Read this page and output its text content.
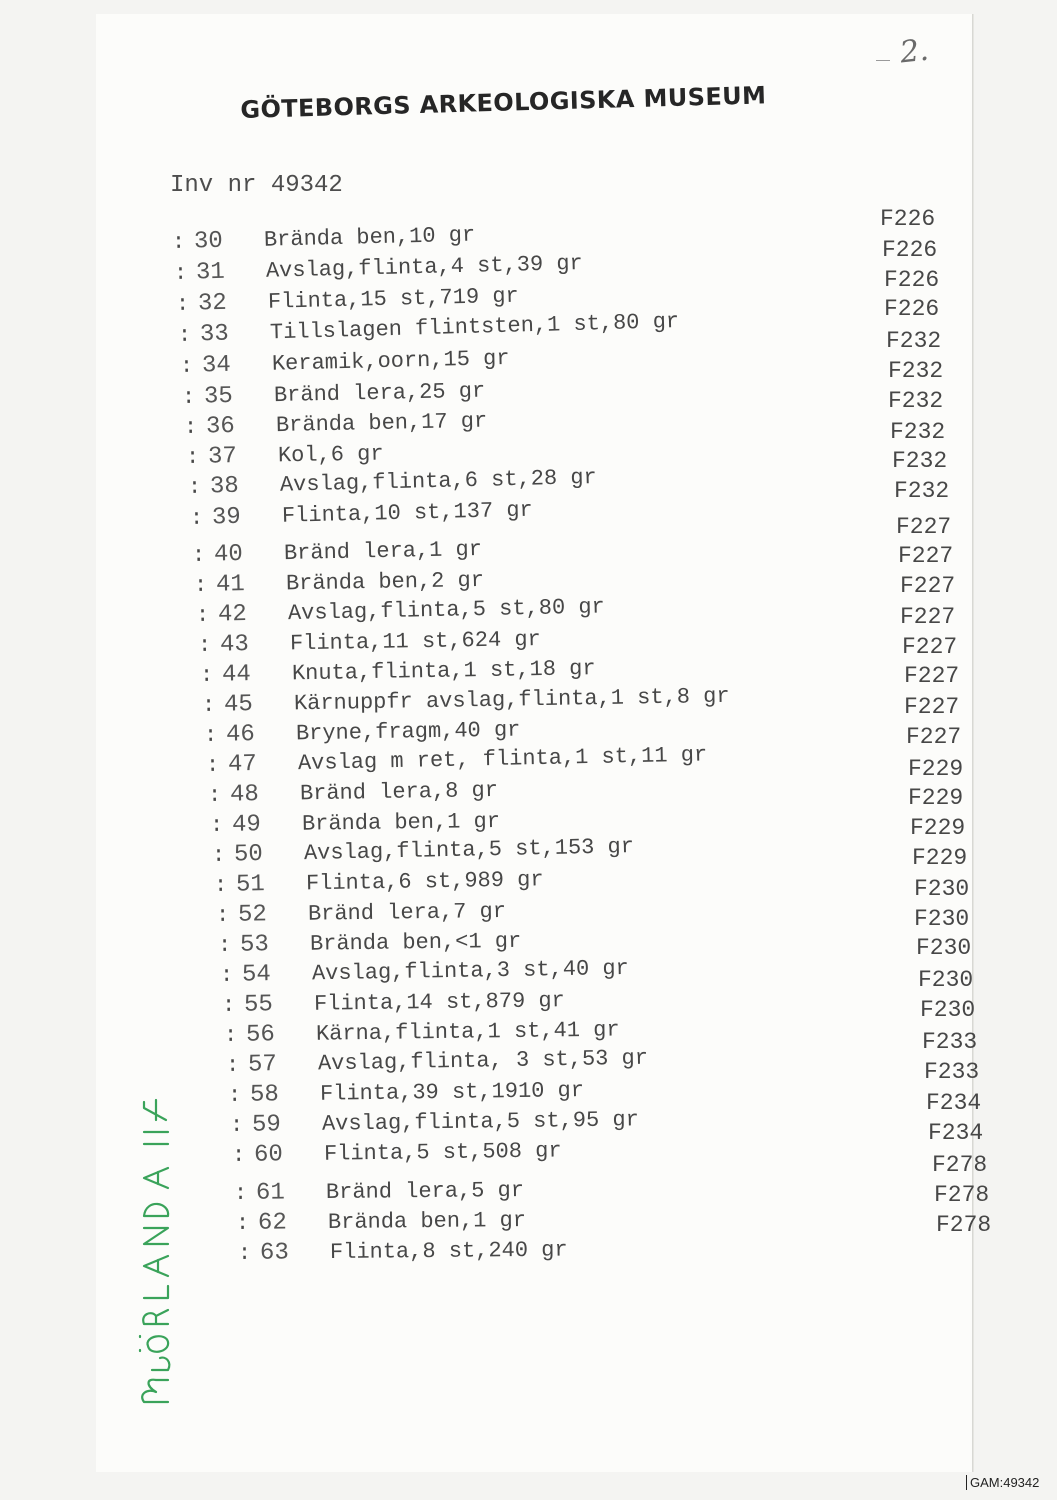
2.
GÖTEBORGS ARKEOLOGISKA MUSEUM
Inv nr 49342
: 30 Brända ben,10 gr
: 31 Avslag,flinta,4 st,39 gr
: 32 Flinta,15 st,719 gr
: 33 Tillslagen flintsten,1 st,80 gr
: 34 Keramik,oorn,15 gr
: 35 Bränd lera,25 gr
: 36 Brända ben,17 gr
: 37 Kol,6 gr
: 38 Avslag,flinta,6 st,28 gr
: 39 Flinta,10 st,137 gr
: 40 Bränd lera,1 gr
: 41 Brända ben,2 gr
: 42 Avslag,flinta,5 st,80 gr
: 43 Flinta,11 st,624 gr
: 44 Knuta,flinta,1 st,18 gr
: 45 Kärnuppfr avslag,flinta,1 st,8 gr
: 46 Bryne,fragm,40 gr
: 47 Avslag m ret, flinta,1 st,11 gr
: 48 Bränd lera,8 gr
: 49 Brända ben,1 gr
: 50 Avslag,flinta,5 st,153 gr
: 51 Flinta,6 st,989 gr
: 52 Bränd lera,7 gr
: 53 Brända ben,<1 gr
: 54 Avslag,flinta,3 st,40 gr
: 55 Flinta,14 st,879 gr
: 56 Kärna,flinta,1 st,41 gr
: 57 Avslag,flinta, 3 st,53 gr
: 58 Flinta,39 st,1910 gr
: 59 Avslag,flinta,5 st,95 gr
: 60 Flinta,5 st,508 gr
: 61 Bränd lera,5 gr
: 62 Brända ben,1 gr
: 63 Flinta,8 st,240 gr
F226
F226
F226
F226
F232
F232
F232
F232
F232
F232
F227
F227
F227
F227
F227
F227
F227
F227
F229
F229
F229
F229
F230
F230
F230
F230
F230
F233
F233
F234
F234
F278
F278
F278
GAM:49342
